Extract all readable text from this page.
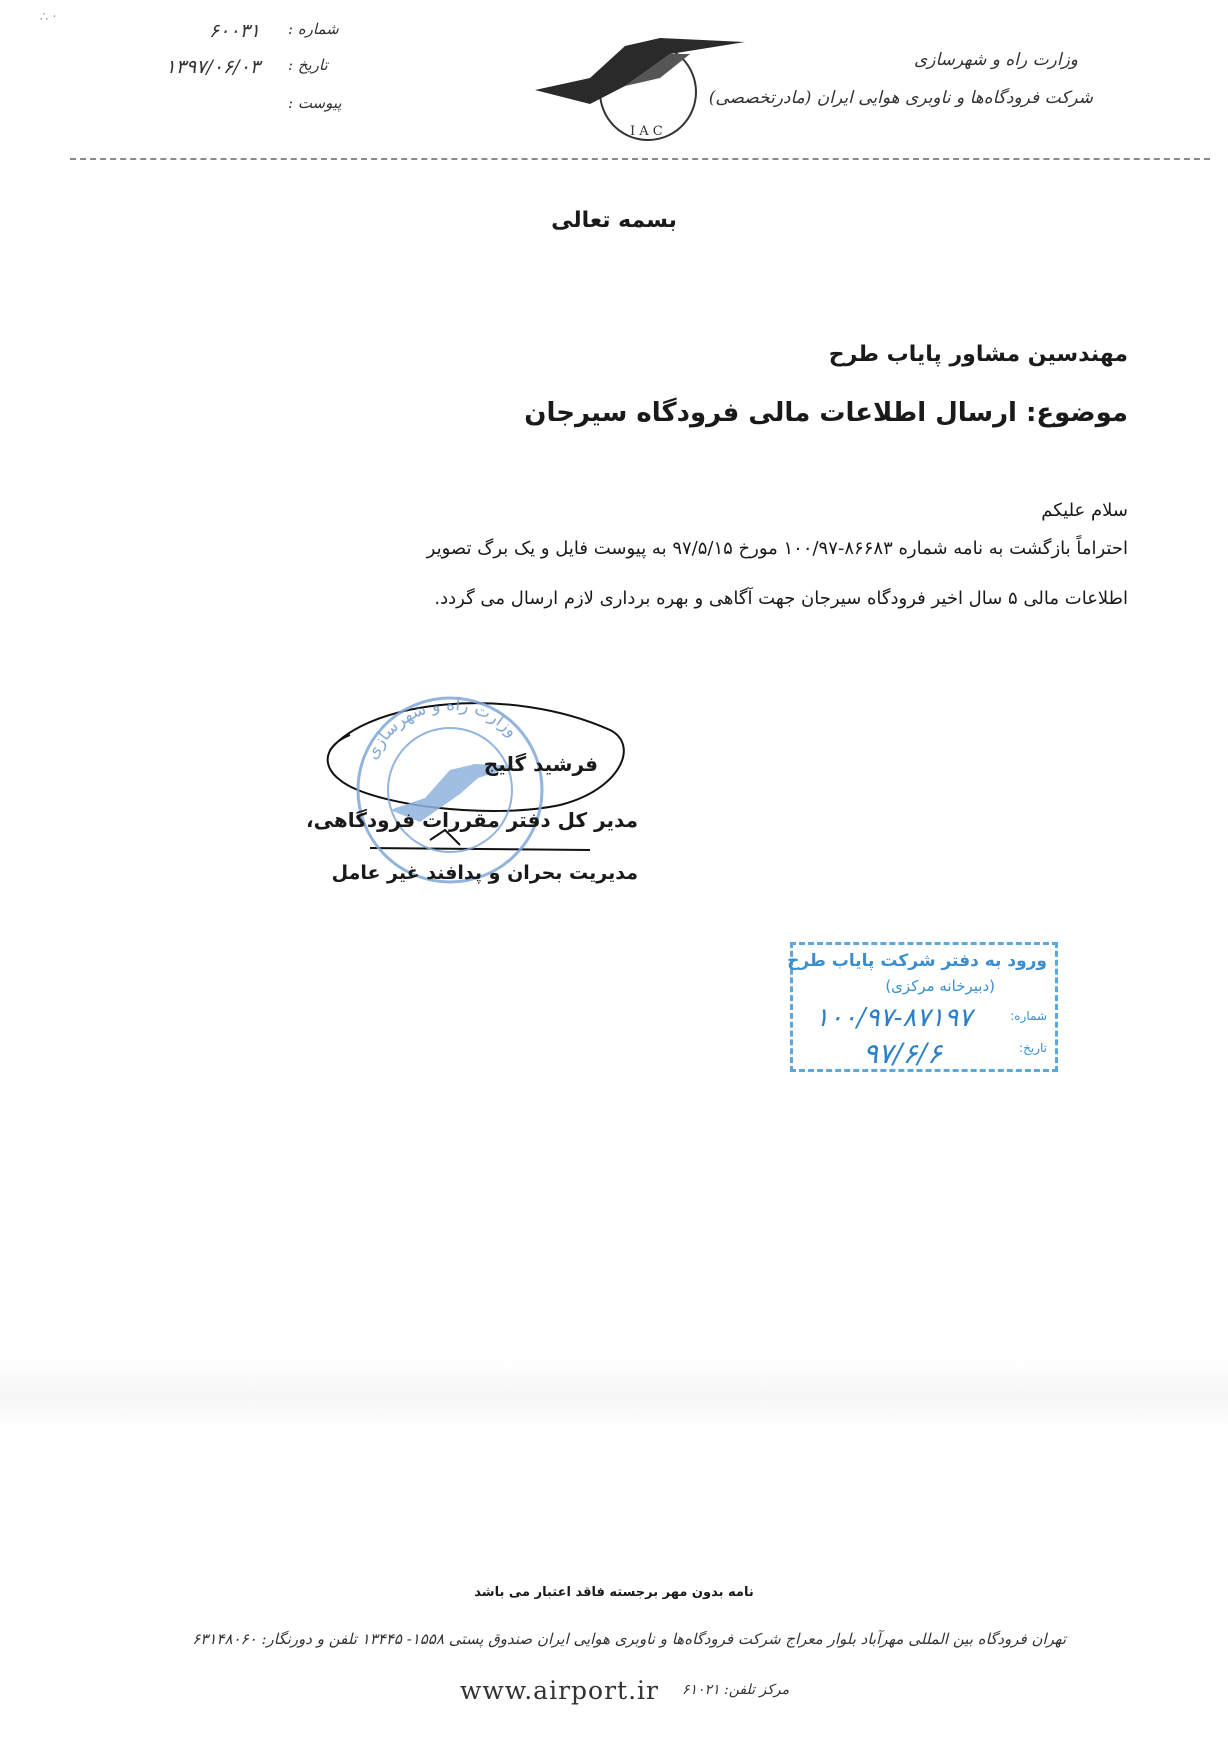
∴ ·
وزارت راه و شهرسازی
شرکت فرودگاه‌ها و ناوبری هوایی ایران (مادرتخصصی)
I A C
۶۰۰۳۱ شماره :
۱۳۹۷/۰۶/۰۳ تاریخ :
پیوست :
بسمه تعالی
مهندسین مشاور پایاب طرح
موضوع: ارسال اطلاعات مالی فرودگاه سیرجان
سلام علیکم
احتراماً بازگشت به نامه شماره ۸۶۶۸۳-۱۰۰/۹۷ مورخ ۹۷/۵/۱۵ به پیوست فایل و یک برگ تصویر
اطلاعات مالی ۵ سال اخیر فرودگاه سیرجان جهت آگاهی و بهره برداری لازم ارسال می گردد.
وزارت راه و شهرسازی
فرشید گلیج
مدیر کل دفتر مقررات فرودگاهی،
مدیریت بحران و پدافند غیر عامل
ورود به دفتر شرکت پایاب طرح
(دبیرخانه مرکزی)
شماره:
۱۰۰/۹۷-۸۷۱۹۷
تاریخ:
۹۷/۶/۶
نامه بدون مهر برجسته فاقد اعتبار می باشد
تهران فرودگاه بین المللی مهرآباد بلوار معراج شرکت فرودگاه‌ها و ناوبری هوایی ایران صندوق پستی ۱۵۵۸- ۱۳۴۴۵ تلفن و دورنگار: ۶۳۱۴۸۰۶۰
www.airport.ir مرکز تلفن: ۶۱۰۲۱
